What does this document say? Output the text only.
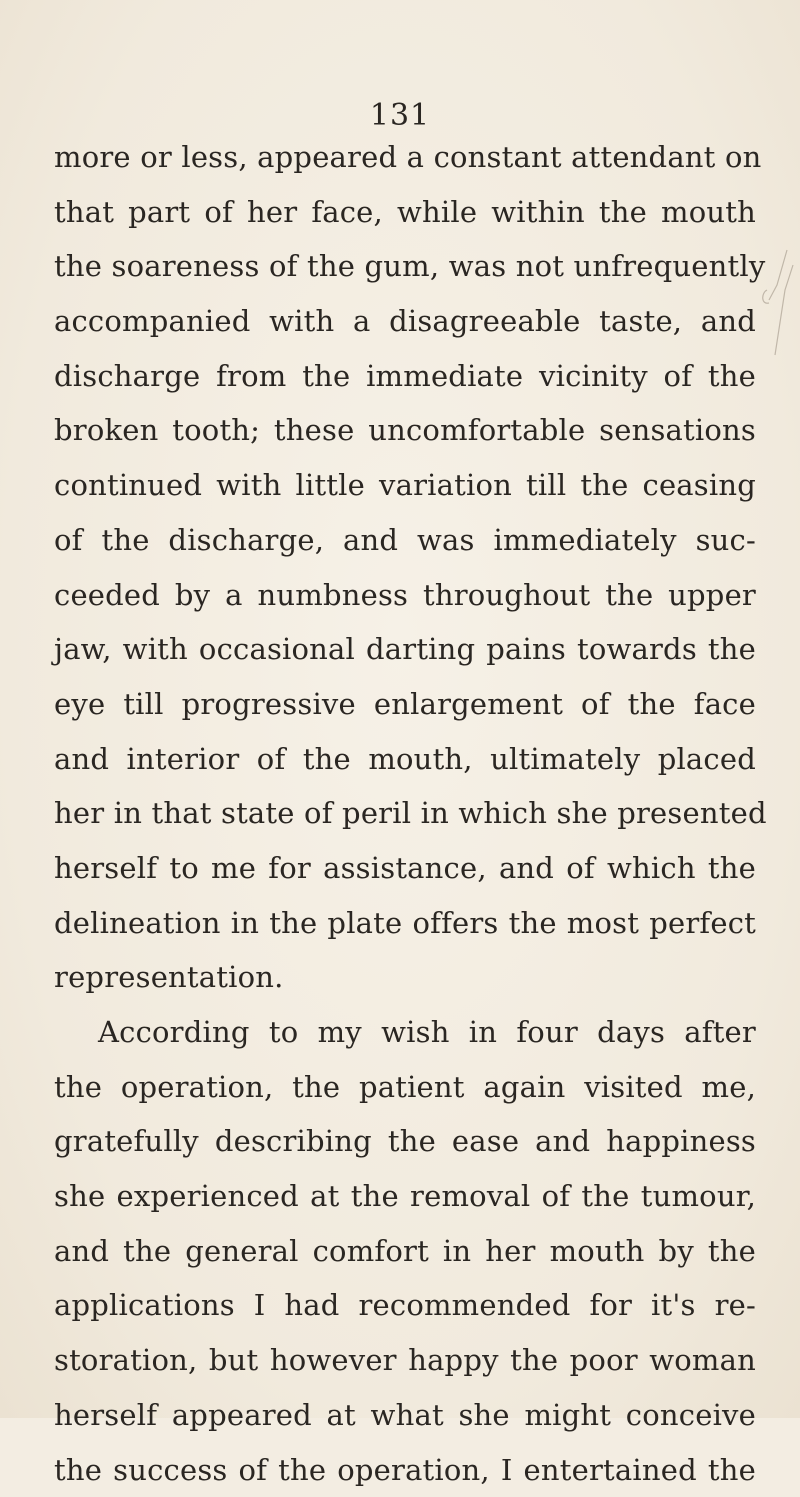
131
more or less, appeared a constant attendant on
that part of her face, while within the mouth
the soareness of the gum, was not unfrequently
accompanied with a disagreeable taste, and
discharge from the immediate vicinity of the
broken tooth; these uncomfortable sensations
continued with little variation till the ceasing
of the discharge, and was immediately suc-
ceeded by a numbness throughout the upper
jaw, with occasional darting pains towards the
eye till progressive enlargement of the face
and interior of the mouth, ultimately placed
her in that state of peril in which she presented
herself to me for assistance, and of which the
delineation in the plate offers the most perfect
representation.
According to my wish in four days after
the operation, the patient again visited me,
gratefully describing the ease and happiness
she experienced at the removal of the tumour,
and the general comfort in her mouth by the
applications I had recommended for it's re-
storation, but however happy the poor woman
herself appeared at what she might conceive
the success of the operation, I entertained the
